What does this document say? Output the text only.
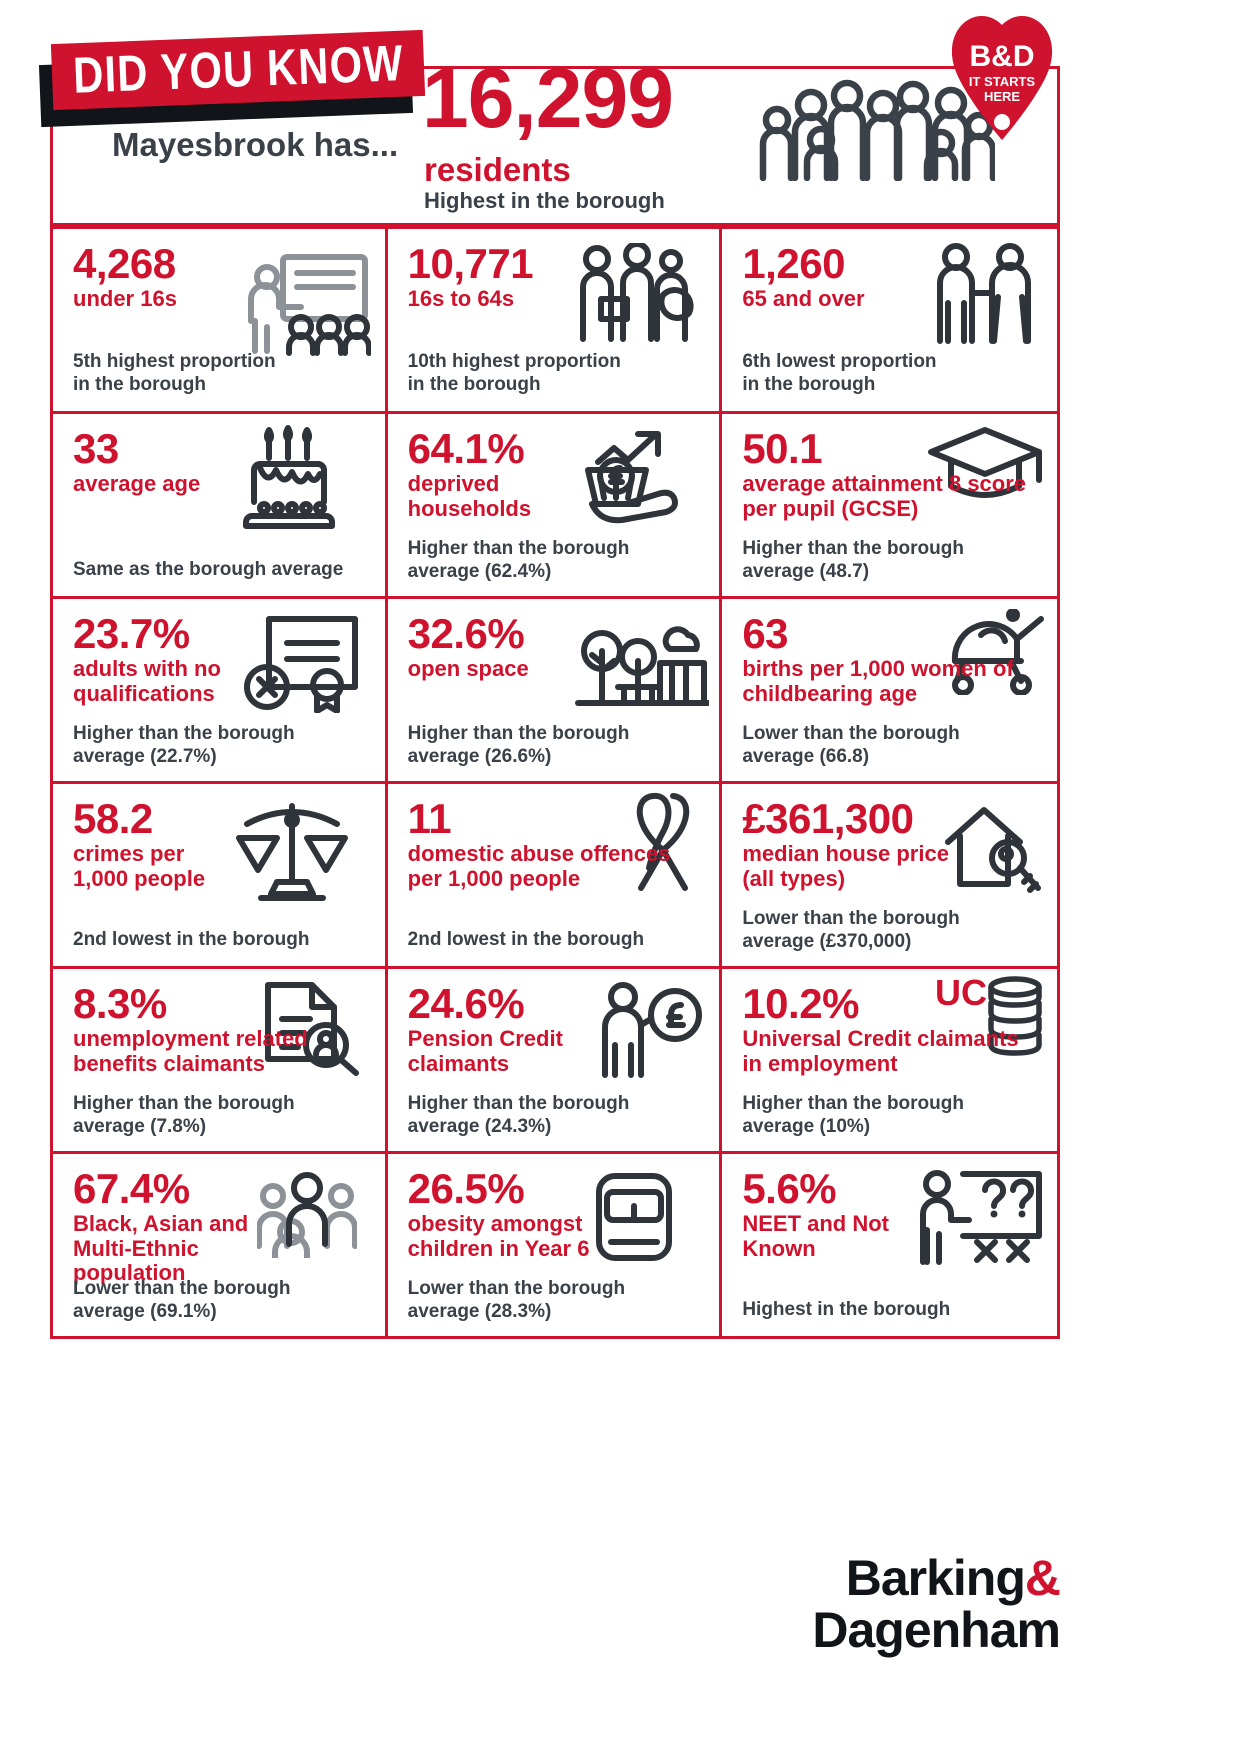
DID YOU KNOW
Mayesbrook has... 16,299
residents
Highest in the borough
B&D
IT STARTS
HERE
4,268
under 16s
5th highest proportion
in the borough
10,771
16s to 64s
10th highest proportion
in the borough
1,260
65 and over
6th lowest proportion
in the borough
33
average age
Same as the borough average
64.1%
deprived households
Higher than the borough
average (62.4%)
50.1
average attainment 8 score per pupil (GCSE)
Higher than the borough
average (48.7)
23.7%
adults with no qualifications
Higher than the borough
average (22.7%)
32.6%
open space
Higher than the borough
average (26.6%)
63
births per 1,000 women of childbearing age
Lower than the borough
average (66.8)
58.2
crimes per 1,000 people
2nd lowest in the borough
11
domestic abuse offences per 1,000 people
2nd lowest in the borough
£361,300
median house price (all types)
Lower than the borough
average (£370,000)
8.3%
unemployment related benefits claimants
Higher than the borough
average (7.8%)
24.6%
Pension Credit claimants
Higher than the borough
average (24.3%)
10.2%
Universal Credit claimants in employment
Higher than the borough
average (10%)
UC
67.4%
Black, Asian and Multi-Ethnic population
Lower than the borough
average (69.1%)
26.5%
obesity amongst children in Year 6
Lower than the borough
average (28.3%)
5.6%
NEET and Not Known
Highest in the borough
Barking&
Dagenham
